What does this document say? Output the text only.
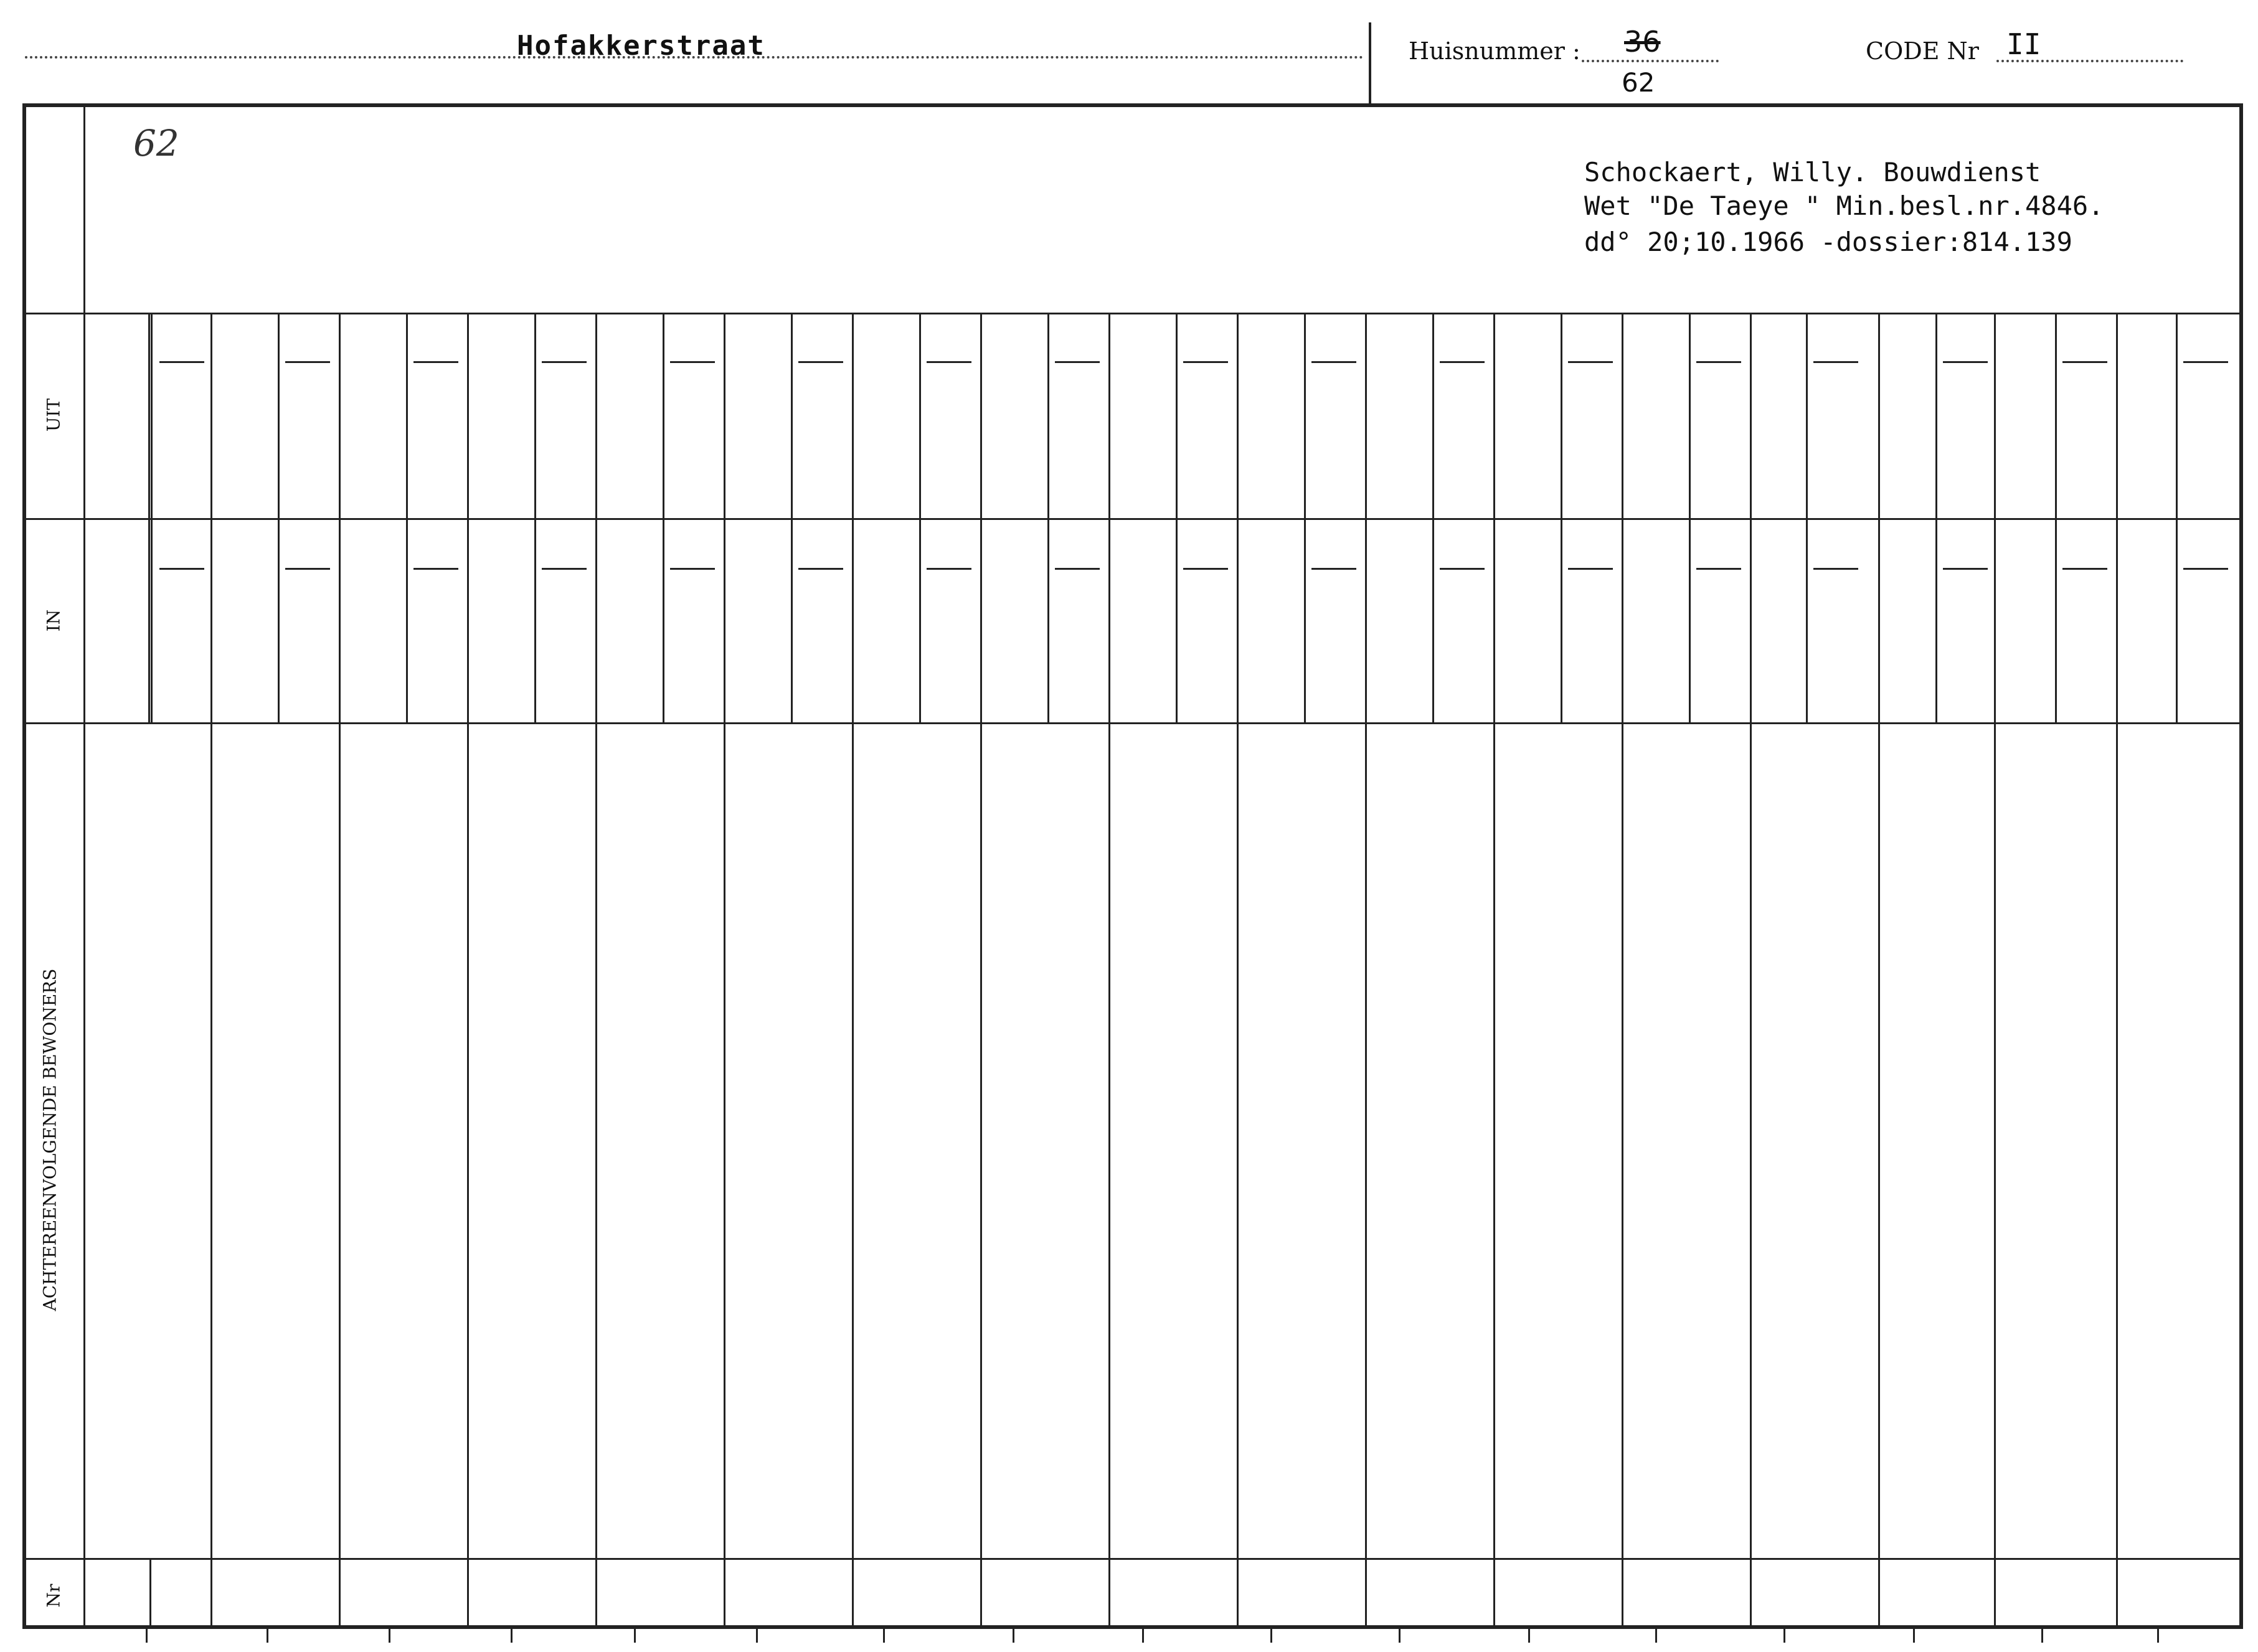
Hofakkerstraat	Huisnummer : 36
62
CODE Nr II
UIT
IN
ACHTEREENVOLGENDE BEWONERS
Nr
62
Schockaert, Willy. Bouwdienst
Wet "De Taeye " Min.besl.nr.4846.
dd° 20;10.1966 -dossier:814.139
